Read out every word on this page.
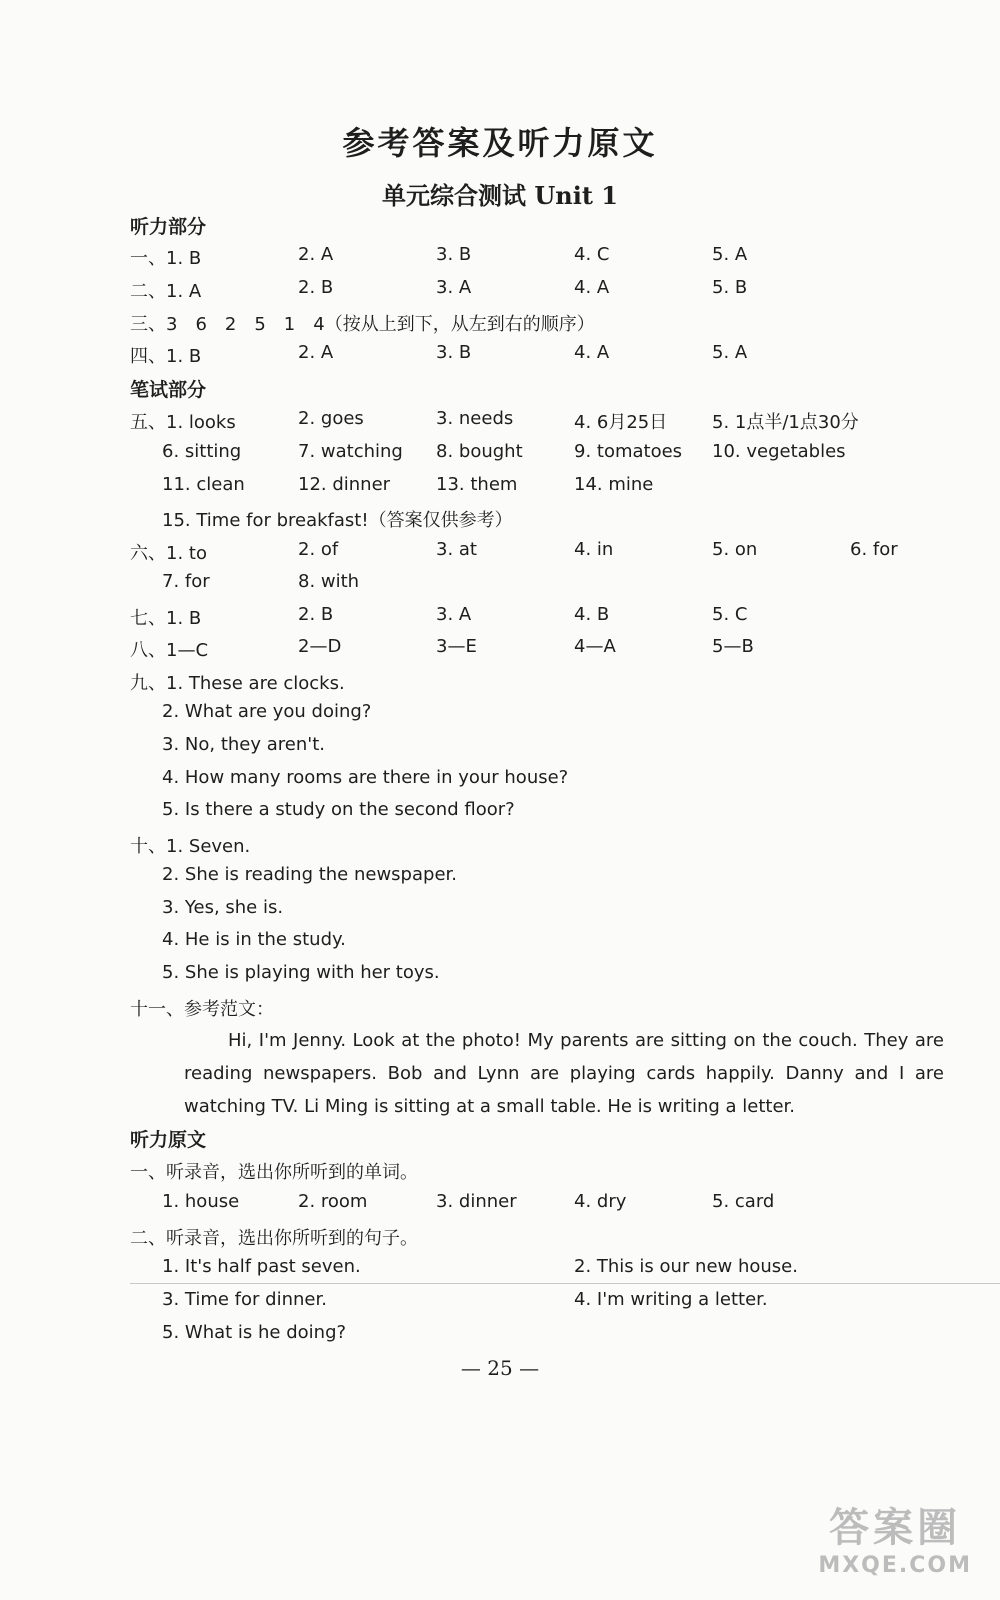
参考答案及听力原文
单元综合测试 Unit 1
听力部分
一、1. B	2. A	3. B	4. C	5. A
二、1. A	2. B	3. A	4. A	5. B
三、3　6　2　5　1　4（按从上到下，从左到右的顺序）
四、1. B	2. A	3. B	4. A	5. A
笔试部分
五、1. looks	2. goes	3. needs	4. 6月25日 5. 1点半/1点30分
6. sitting	7. watching 8. bought	9. tomatoes 10. vegetables
11. clean	12. dinner	13. them	14. mine
15. Time for breakfast!（答案仅供参考）
六、1. to	2. of	3. at	4. in	5. on	6. for
7. for	8. with
七、1. B	2. B	3. A	4. B	5. C
八、1—C	2—D	3—E	4—A	5—B
九、1. These are clocks.
2. What are you doing?
3. No, they aren't.
4. How many rooms are there in your house?
5. Is there a study on the second floor?
十、1. Seven.
2. She is reading the newspaper.
3. Yes, she is.
4. He is in the study.
5. She is playing with her toys.
十一、参考范文：

Hi, I'm Jenny. Look at the photo! My parents are sitting on the couch. They are reading newspapers. Bob and Lynn are playing cards happily. Danny and I are watching TV. Li Ming is sitting at a small table. He is writing a letter.

听力原文
一、听录音，选出你所听到的单词。
1. house	2. room	3. dinner	4. dry	5. card
二、听录音，选出你所听到的句子。
1. It's half past seven.	2. This is our new house.
3. Time for dinner.	4. I'm writing a letter.
5. What is he doing?
— 25 —
答案圈
MXQE.COM
